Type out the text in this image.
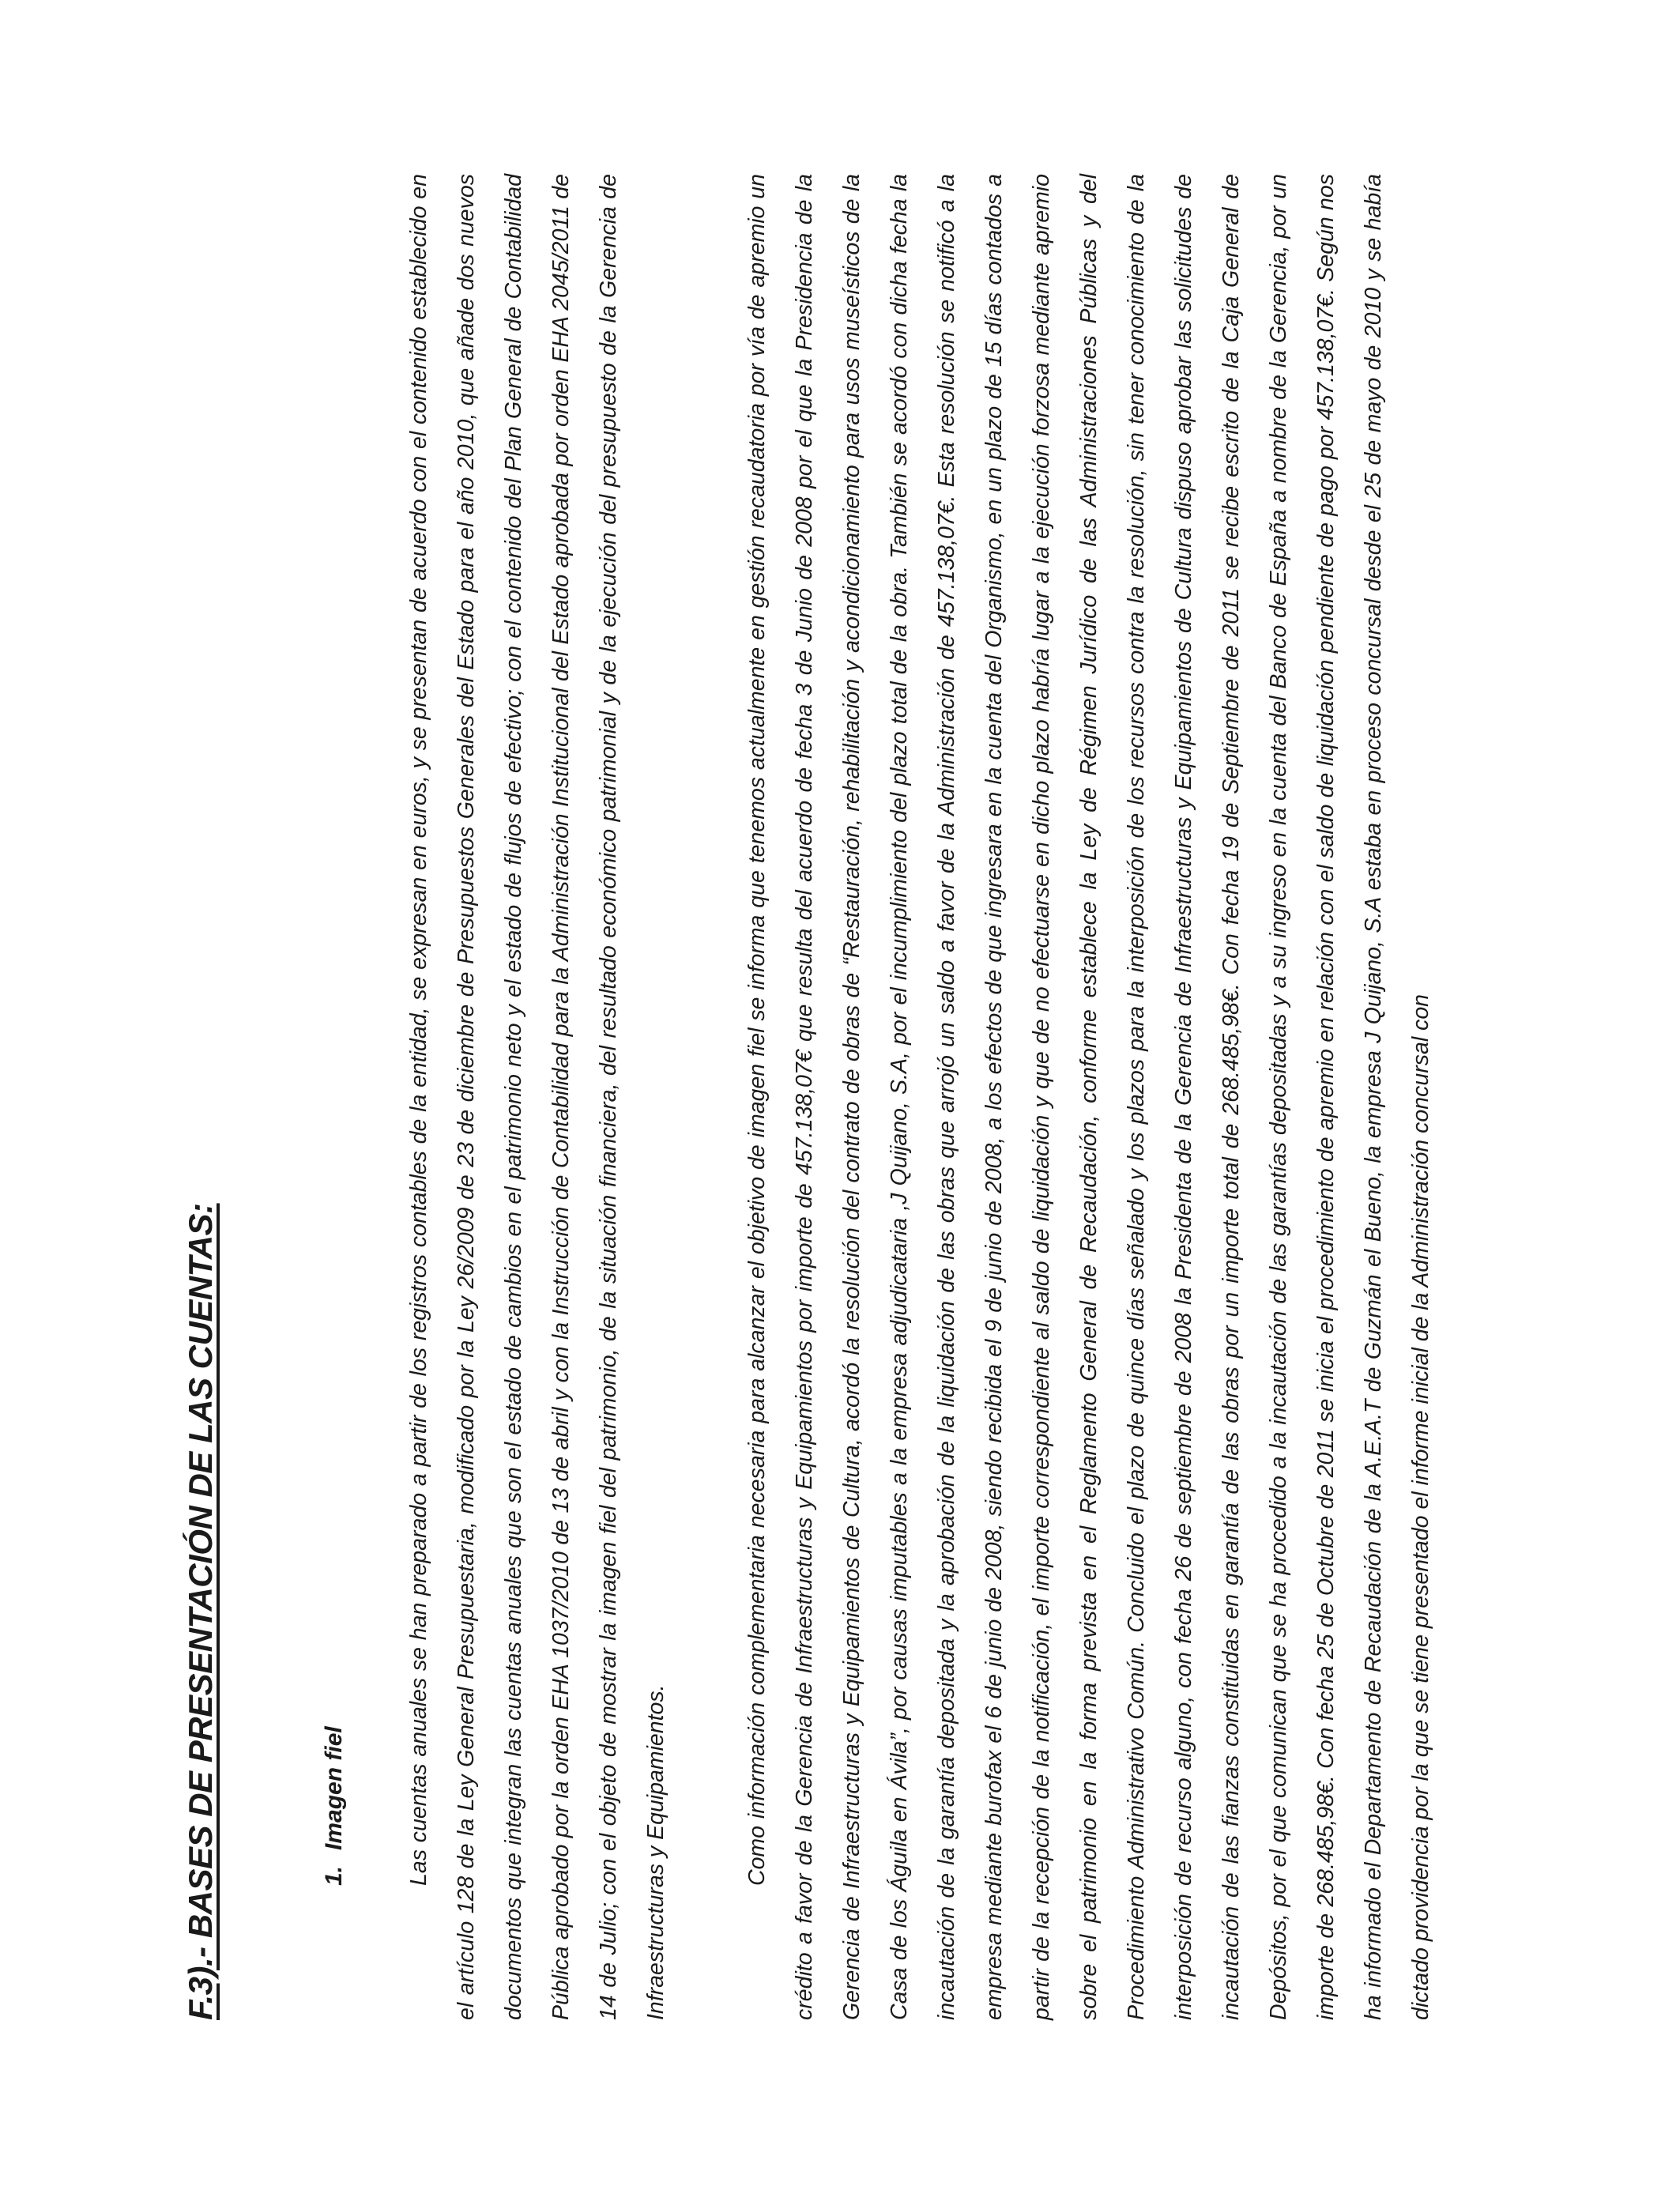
F.3).- BASES DE PRESENTACIÓN DE LAS CUENTAS:	1.Imagen fiel	Las cuentas anuales se han preparado a partir de los registros contables de la entidad, se expresan en euros, y se presentan de acuerdo con el contenido establecido en el artículo 128 de la Ley General Presupuestaria, modificado por la Ley 26/2009 de 23 de diciembre de Presupuestos Generales del Estado para el año 2010, que añade dos nuevos documentos que integran las cuentas anuales que son el estado de cambios en el patrimonio neto y el estado de flujos de efectivo; con el contenido del Plan General de Contabilidad Pública aprobado por la orden EHA 1037/2010 de 13 de abril y con la Instrucción de Contabilidad para la Administración Institucional del Estado aprobada por orden EHA 2045/2011 de 14 de Julio; con el objeto de mostrar la imagen fiel del patrimonio, de la situación financiera, del resultado económico patrimonial y de la ejecución del presupuesto de la Gerencia de Infraestructuras y Equipamientos.	Como información complementaria necesaria para alcanzar el objetivo de imagen fiel se informa que tenemos actualmente en gestión recaudatoria por vía de apremio un crédito a favor de la Gerencia de Infraestructuras y Equipamientos por importe de 457.138,07€ que resulta del acuerdo de fecha 3 de Junio de 2008 por el que la Presidencia de la Gerencia de Infraestructuras y Equipamientos de Cultura, acordó la resolución del contrato de obras de “Restauración, rehabilitación y acondicionamiento para usos museísticos de la Casa de los Águila en Ávila”, por causas imputables a la empresa adjudicataria ,J Quijano, S.A, por el incumplimiento del plazo total de la obra. También se acordó con dicha fecha la incautación de la garantía depositada y la aprobación de la liquidación de las obras que arrojó un saldo a favor de la Administración de 457.138,07€. Esta resolución se notificó a la empresa mediante burofax el 6 de junio de 2008, siendo recibida el 9 de junio de 2008, a los efectos de que ingresara en la cuenta del Organismo, en un plazo de 15 días contados a partir de la recepción de la notificación, el importe correspondiente al saldo de liquidación y que de no efectuarse en dicho plazo habría lugar a la ejecución forzosa mediante apremio sobre el patrimonio en la forma prevista en el Reglamento General de Recaudación, conforme establece la Ley de Régimen Jurídico de las Administraciones Públicas y del Procedimiento Administrativo Común. Concluido el plazo de quince días señalado y los plazos para la interposición de los recursos contra la resolución, sin tener conocimiento de la interposición de recurso alguno, con fecha 26 de septiembre de 2008 la Presidenta de la Gerencia de Infraestructuras y Equipamientos de Cultura dispuso aprobar las solicitudes de incautación de las fianzas constituidas en garantía de las obras por un importe total de 268.485,98€. Con fecha 19 de Septiembre de 2011 se recibe escrito de la Caja General de Depósitos, por el que comunican que se ha procedido a la incautación de las garantías depositadas y a su ingreso en la cuenta del Banco de España a nombre de la Gerencia, por un importe de 268.485,98€. Con fecha 25 de Octubre de 2011 se inicia el procedimiento de apremio en relación con el saldo de liquidación pendiente de pago por 457.138,07€. Según nos ha informado el Departamento de Recaudación de la A.E.A.T de Guzmán el Bueno, la empresa J Quijano, S.A estaba en proceso concursal desde el 25 de mayo de 2010 y se había dictado providencia por la que se tiene presentado el informe inicial de la Administración concursal con
